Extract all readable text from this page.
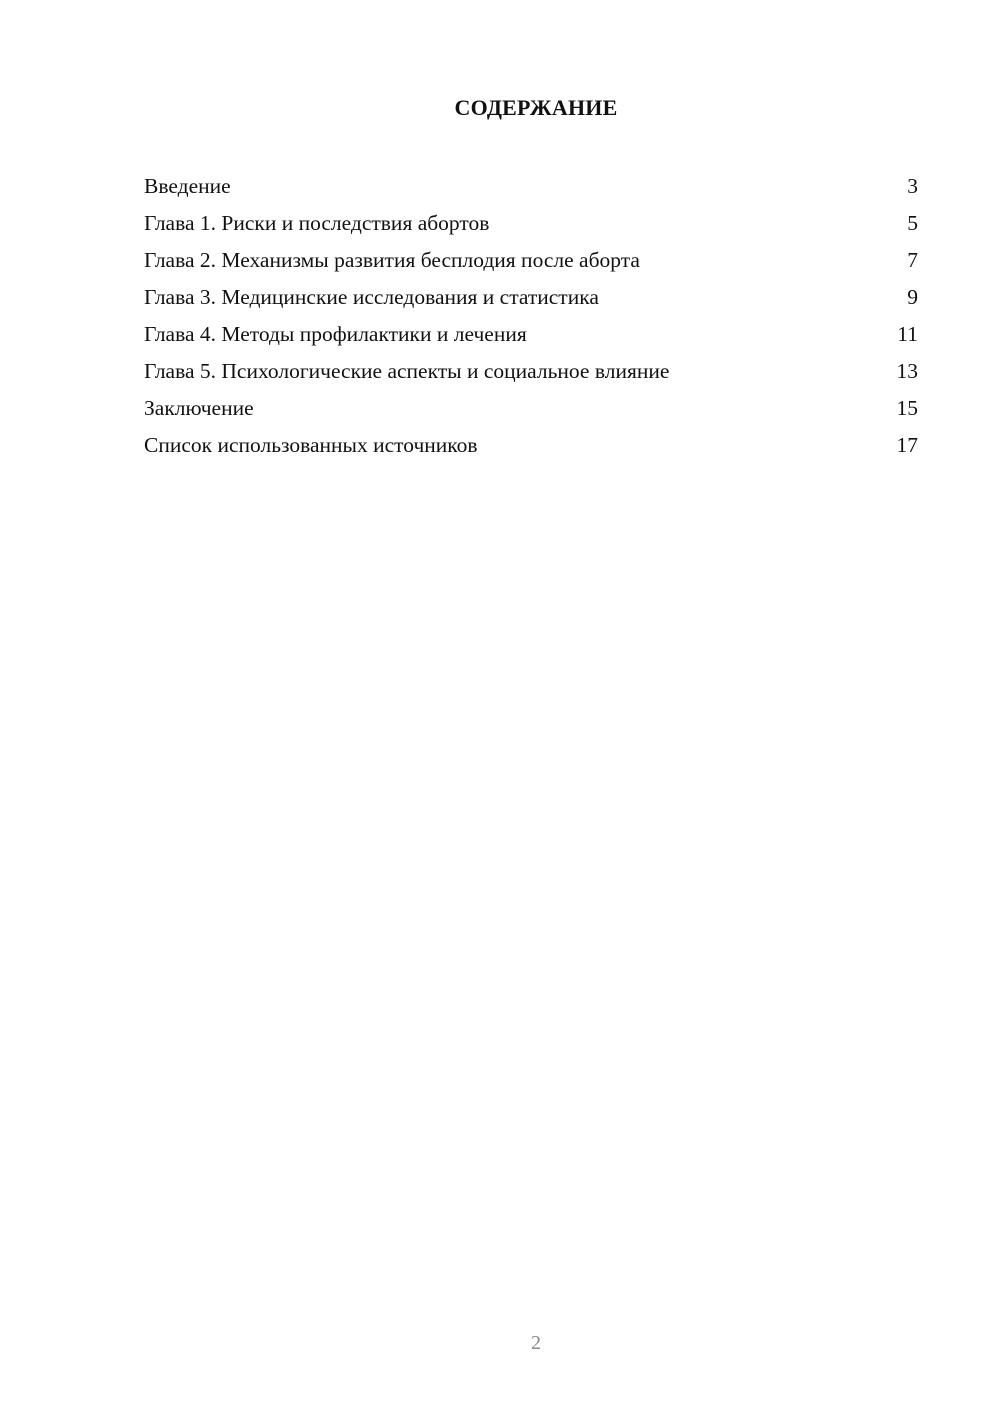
СОДЕРЖАНИЕ
Введение	3
Глава 1. Риски и последствия абортов	5
Глава 2. Механизмы развития бесплодия после аборта	7
Глава 3. Медицинские исследования и статистика	9
Глава 4. Методы профилактики и лечения	11
Глава 5. Психологические аспекты и социальное влияние	13
Заключение	15
Список использованных источников	17
2
